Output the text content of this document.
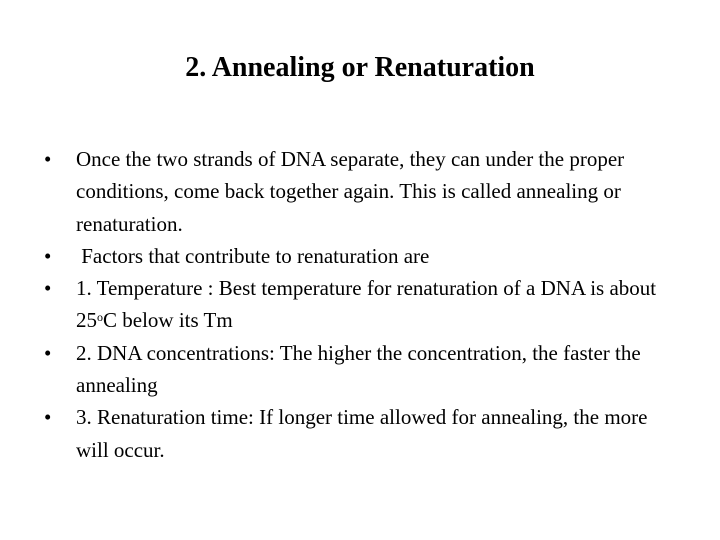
2. Annealing or Renaturation
•	Once the two strands of DNA separate, they can under the proper conditions, come back together again. This is called annealing or renaturation.
•	Factors that contribute to renaturation are
•	1. Temperature : Best temperature for renaturation of a DNA is about 25$^o$C below its Tm
•	2. DNA concentrations: The higher the concentration, the faster the annealing
•	3. Renaturation time: If longer time allowed for annealing, the more will occur.
